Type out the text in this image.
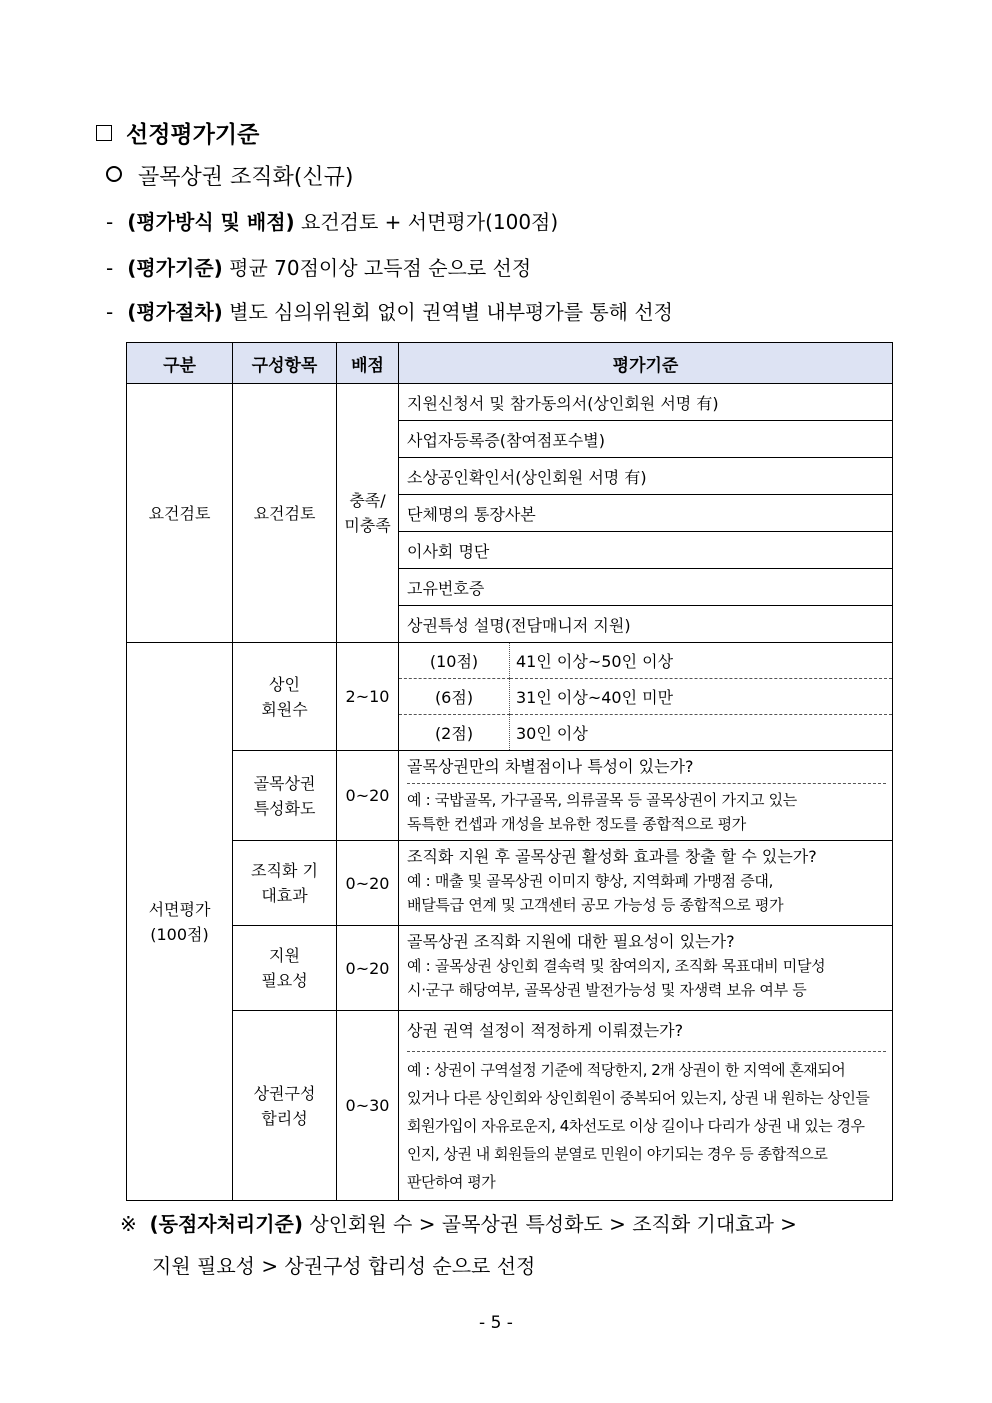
선정평가기준
골목상권 조직화(신규)
- (평가방식 및 배점) 요건검토 + 서면평가(100점)
- (평가기준) 평균 70점이상 고득점 순으로 선정
- (평가절차) 별도 심의위원회 없이 권역별 내부평가를 통해 선정
구분	구성항목	배점	평가기준
요건검토	요건검토	충족/미충족	지원신청서 및 참가동의서(상인회원 서명 有)
사업자등록증(참여점포수별)
소상공인확인서(상인회원 서명 有)
단체명의 통장사본
이사회 명단
고유번호증
상권특성 설명(전담매니저 지원)

서면평가
(100점)
	상인 회원수	2~10	
(10점)	41인 이상~50인 이상
(6점)	31인 이상~40인 미만
(2점)	30인 이상

골목상권 특성화도	0~20	
골목상권만의 차별점이나 특성이 있는가?
예 : 국밥골목, 가구골목, 의류골목 등 골목상권이 가지고 있는
독특한 컨셉과 개성을 보유한 정도를 종합적으로 평가

조직화 기대효과	0~20	
조직화 지원 후 골목상권 활성화 효과를 창출 할 수 있는가?
예 : 매출 및 골목상권 이미지 향상, 지역화폐 가맹점 증대,
배달특급 연계 및 고객센터 공모 가능성 등 종합적으로 평가

지원 필요성	0~20	
골목상권 조직화 지원에 대한 필요성이 있는가?
예 : 골목상권 상인회 결속력 및 참여의지, 조직화 목표대비 미달성
시·군구 해당여부, 골목상권 발전가능성 및 자생력 보유 여부 등

상권구성 합리성	0~30	
상권 권역 설정이 적정하게 이뤄졌는가?
예 : 상권이 구역설정 기준에 적당한지, 2개 상권이 한 지역에 혼재되어
있거나 다른 상인회와 상인회원이 중복되어 있는지, 상권 내 원하는 상인들
회원가입이 자유로운지, 4차선도로 이상 길이나 다리가 상권 내 있는 경우
인지, 상권 내 회원들의 분열로 민원이 야기되는 경우 등 종합적으로
판단하여 평가
※ (동점자처리기준) 상인회원 수 > 골목상권 특성화도 > 조직화 기대효과 >
지원 필요성 > 상권구성 합리성 순으로 선정
- 5 -
